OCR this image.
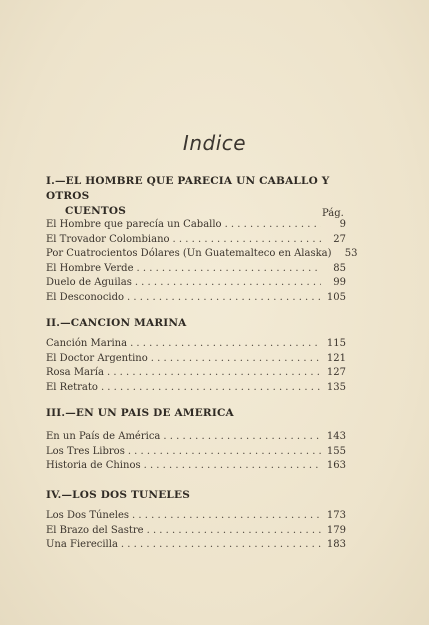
Indice
I.—EL HOMBRE QUE PARECIA UN CABALLO Y OTROS
CUENTOS	Pág.
El Hombre que parecía un Caballo . . .	9
El Trovador Colombiano . . .	27
Por Cuatrocientos Dólares (Un Guatemalteco en Alaska)	53
El Hombre Verde . . .	85
Duelo de Aguilas . . .	99
El Desconocido . . .	105
II.—CANCION MARINA
Canción Marina . . .	115
El Doctor Argentino . . .	121
Rosa María . . .	127
El Retrato . . .	135
III.—EN UN PAIS DE AMERICA
En un País de América . . .	143
Los Tres Libros . . .	155
Historia de Chinos . . .	163
IV.—LOS DOS TUNELES
Los Dos Túneles . . .	173
El Brazo del Sastre . . .	179
Una Fierecilla . . .	183
